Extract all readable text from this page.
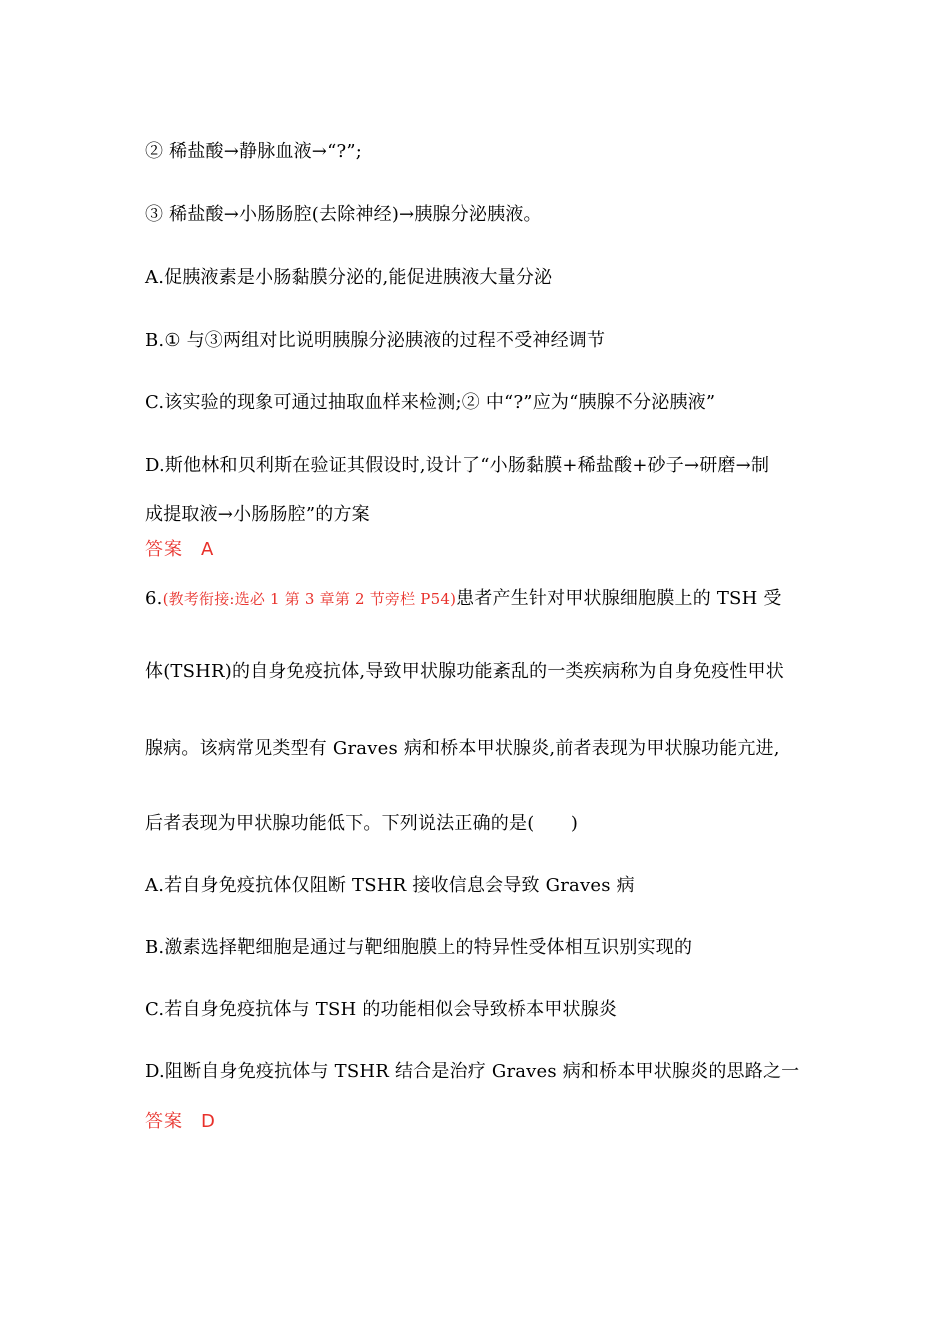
② 稀盐酸→静脉血液→“?”;
③ 稀盐酸→小肠肠腔(去除神经)→胰腺分泌胰液。
A.促胰液素是小肠黏膜分泌的,能促进胰液大量分泌
B.① 与③两组对比说明胰腺分泌胰液的过程不受神经调节
C.该实验的现象可通过抽取血样来检测;② 中“?”应为“胰腺不分泌胰液”
D.斯他林和贝利斯在验证其假设时,设计了“小肠黏膜+稀盐酸+砂子→研磨→制
成提取液→小肠肠腔”的方案
答案 A
6.(教考衔接:选必 1 第 3 章第 2 节旁栏 P54)患者产生针对甲状腺细胞膜上的 TSH 受
体(TSHR)的自身免疫抗体,导致甲状腺功能紊乱的一类疾病称为自身免疫性甲状
腺病。该病常见类型有 Graves 病和桥本甲状腺炎,前者表现为甲状腺功能亢进,
后者表现为甲状腺功能低下。下列说法正确的是(　　)
A.若自身免疫抗体仅阻断 TSHR 接收信息会导致 Graves 病
B.激素选择靶细胞是通过与靶细胞膜上的特异性受体相互识别实现的
C.若自身免疫抗体与 TSH 的功能相似会导致桥本甲状腺炎
D.阻断自身免疫抗体与 TSHR 结合是治疗 Graves 病和桥本甲状腺炎的思路之一
答案 D
